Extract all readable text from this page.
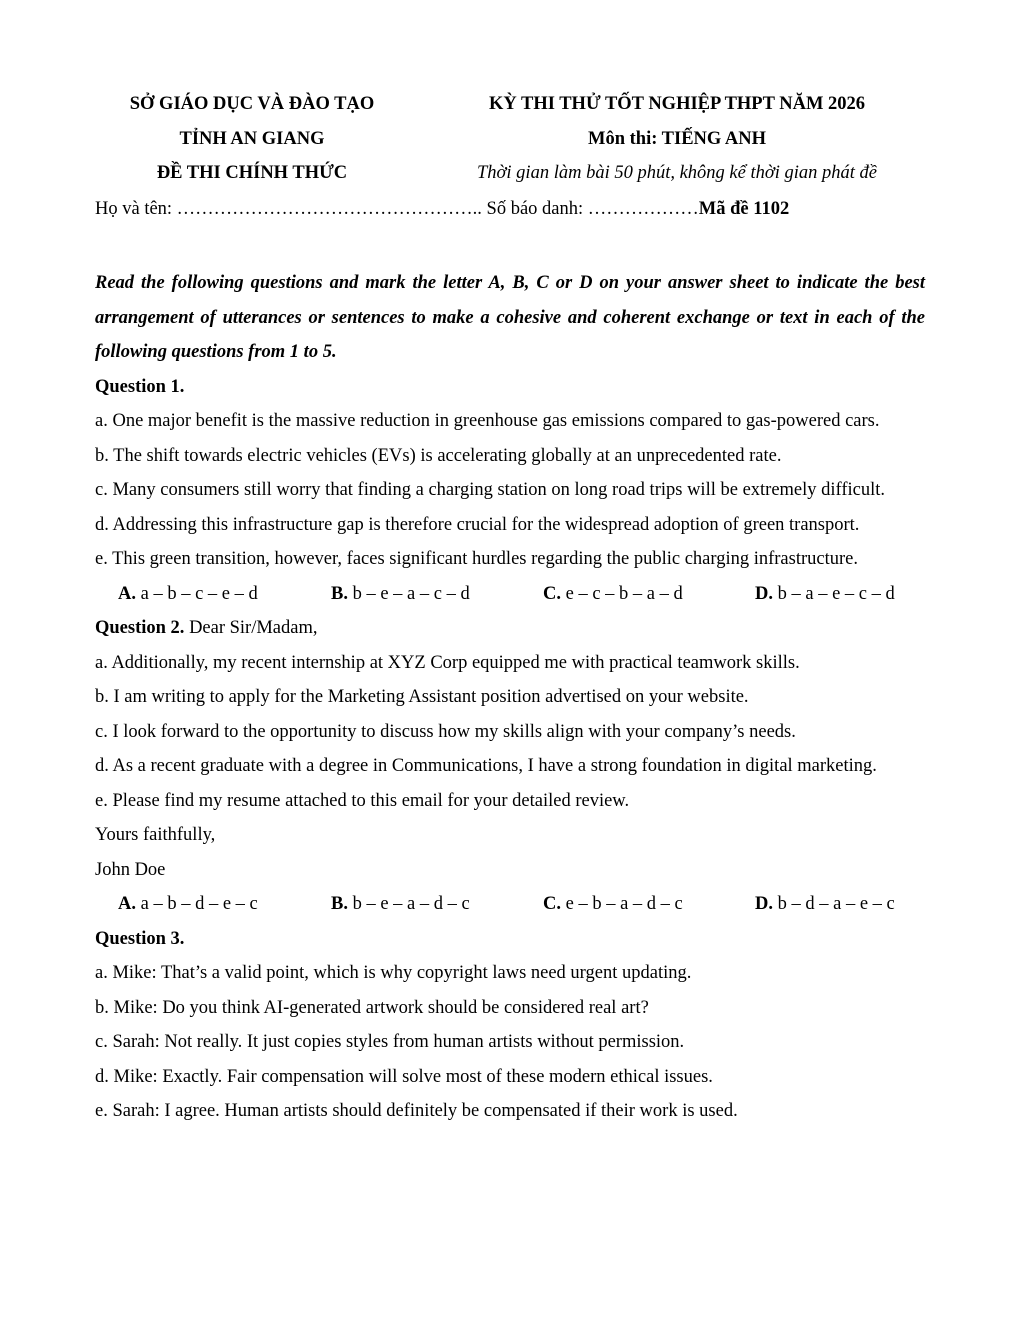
SỞ GIÁO DỤC VÀ ĐÀO TẠO	KỲ THI THỬ TỐT NGHIỆP THPT NĂM 2026
TỈNH AN GIANG	Môn thi: TIẾNG ANH
ĐỀ THI CHÍNH THỨC	Thời gian làm bài 50 phút, không kể thời gian phát đề
Họ và tên: ………………………………………….. Số báo danh: ………………Mã đề 1102

Read the following questions and mark the letter A, B, C or D on your answer sheet to indicate the best arrangement of utterances or sentences to make a cohesive and coherent exchange or text in each of the following questions from 1 to 5.

Question 1.

a. One major benefit is the massive reduction in greenhouse gas emissions compared to gas-powered cars.

b. The shift towards electric vehicles (EVs) is accelerating globally at an unprecedented rate.

c. Many consumers still worry that finding a charging station on long road trips will be extremely difficult.

d. Addressing this infrastructure gap is therefore crucial for the widespread adoption of green transport.

e. This green transition, however, faces significant hurdles regarding the public charging infrastructure.

A. a – b – c – e – d	B. b – e – a – c – d	C. e – c – b – a – d	D. b – a – e – c – d

Question 2. Dear Sir/Madam,

a. Additionally, my recent internship at XYZ Corp equipped me with practical teamwork skills.

b. I am writing to apply for the Marketing Assistant position advertised on your website.

c. I look forward to the opportunity to discuss how my skills align with your company’s needs.

d. As a recent graduate with a degree in Communications, I have a strong foundation in digital marketing.

e. Please find my resume attached to this email for your detailed review.

Yours faithfully,

John Doe

A. a – b – d – e – c	B. b – e – a – d – c	C. e – b – a – d – c	D. b – d – a – e – c

Question 3.

a. Mike: That’s a valid point, which is why copyright laws need urgent updating.

b. Mike: Do you think AI-generated artwork should be considered real art?

c. Sarah: Not really. It just copies styles from human artists without permission.

d. Mike: Exactly. Fair compensation will solve most of these modern ethical issues.

e. Sarah: I agree. Human artists should definitely be compensated if their work is used.
